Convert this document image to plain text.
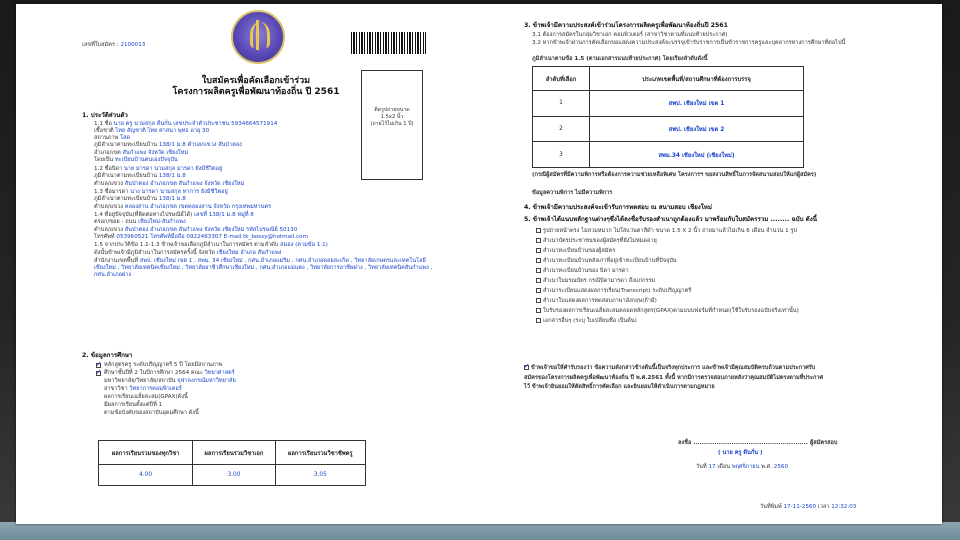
เลขที่ใบสมัคร : 2100013
ใบสมัครเพื่อคัดเลือกเข้าร่วม
โครงการผลิตครูเพื่อพัฒนาท้องถิ่น ปี 2561
ติดรูปถ่ายขนาด
1.5x2 นิ้ว
(ถ่ายไว้ไม่เกิน 1 ปี)
1. ประวัติส่วนตัว
2. ข้อมูลการศึกษา
ผลการเรียนรวมของทุกวิชา	ผลการเรียนรวมวิชาเอก	ผลการเรียนรวมวิชาชีพครู
4.00	3.00	3.05
3. ข้าพเจ้ามีความประสงค์เข้าร่วมโครงการผลิตครูเพื่อพัฒนาท้องถิ่นปี 2561
3.1 ต้องการสมัครในกลุ่มวิชาเอก คอมพิวเตอร์ (สาขาวิชาตามที่แนบท้ายประกาศ)
3.2 หากข้าพเจ้าผ่านการคัดเลือกขอแสดงความประสงค์จะบรรจุเข้ารับราชการเป็นข้าราชการครูและบุคลากรทางการศึกษาที่ต่อไปนี้
ภูมิลำเนาตามข้อ 1.5 (ตามเอกสารแนบท้ายประกาศ) โดยเรียงลำดับดังนี้
ลำดับที่เลือก	ประเภทเขตพื้นที่/สถานศึกษาที่ต้องการบรรจุ
1	สพป. เชียงใหม่ เขต 1
2	สพป. เชียงใหม่ เขต 2
3	สพม.34 เชียงใหม่ (เชียงใหม่)
(กรณีผู้สมัครที่มีความพิการหรือต้องการความช่วยเหลือพิเศษ โครงการฯ ขอสงวนสิทธิ์ในการจัดสนามสอบให้แก่ผู้สมัคร)
ข้อมูลความพิการ ไม่มีความพิการ
4. ข้าพเจ้ามีความประสงค์จะเข้ารับการทดสอบ ณ สนามสอบ เชียงใหม่
5. ข้าพเจ้าได้แนบหลักฐานต่างๆซึ่งได้ลงชื่อรับรองสำเนาถูกต้องแล้ว มาพร้อมกับใบสมัครรวม ........ ฉบับ ดังนี้
✓ข้าพเจ้าขอให้คำรับรองว่า ข้อความดังกล่าวข้างต้นนี้เป็นจริงทุกประการ และข้าพเจ้ามีคุณสมบัติครบถ้วนตามประกาศรับสมัครของโครงการผลิตครูเพื่อพัฒนาท้องถิ่น ปี พ.ศ.2561 ทั้งนี้ หากมีการตรวจสอบภายหลังว่าคุณสมบัติไม่ตรงตามที่ประกาศไว้ ข้าพเจ้ายินยอมให้ตัดสิทธิ์การคัดเลือก และยินยอมให้ดำเนินการตามกฎหมาย
ลงชื่อ ...................................................... ผู้สมัครสอบ
( นาย ครู ดีนกั่น )
วันที่ 17 เดือน พฤศจิกายน พ.ศ. 2560
วันที่พิมพ์ 17-11-2560 เวลา 12:32:03
1.1 ชื่อ นาย ครู นามสกุล ดีนกั่น เลขประจำตัวประชาชน 5934664571914
เชื้อชาติ ไทย สัญชาติ ไทย ศาสนา พุทธ อายุ 30
สถานภาพ โสด
ภูมิลำเนาตามทะเบียนบ้าน 138/1 ม.8 ตำบล/แขวง สันป่าตอง
อำเภอ/เขต สันกำแพง จังหวัด เชียงใหม่
โดยเป็น ทะเบียนบ้านตนเองปัจจุบัน
1.2 ชื่อบิดา นาย มารดา นามสกุล มารดา ยังมีชีวิตอยู่
ภูมิลำเนาตามทะเบียนบ้าน 138/1 ม.8
ตำบล/แขวง สันป่าตอง อำเภอ/เขต สันกำแพง จังหวัด เชียงใหม่
1.3 ชื่อมารดา นาง มารดา นามสกุล ทาการ ยังมีชีวิตอยู่
ภูมิลำเนาตามทะเบียนบ้าน 138/1 ม.8
ตำบล/แขวง คลองสาน อำเภอ/เขต เขตคลองสาน จังหวัด กรุงเทพมหานคร
1.4 ที่อยู่ปัจจุบัน(ที่ติดต่อทางไปรษณีย์ได้) เลขที่ 138/1 ม.8 หมู่ที่ 8
ตรอก/ซอย - ถนน เชียงใหม่-สันกำแพง
ตำบล/แขวง สันป่าตอง อำเภอ/เขต สันกำแพง จังหวัด เชียงใหม่ รหัสไปรษณีย์ 50130
โทรศัพท์ 053960521 โทรศัพท์มือถือ 0922463307 E-mail tk_bossy@hotmail.com
1.5 จากประวัติข้อ 1.1-1.3 ข้าพเจ้าขอเลือกภูมิลำเนาในการสมัคร ตามลำดับ สมอง (ตามข้อ 1.1)
ดังนั้นข้าพเจ้ามีภูมิลำเนาในการสมัครครั้งนี้ จังหวัด เชียงใหม่ อำเภอ สันกำแพง
สำนักงานเขตพื้นที่ สพป. เชียงใหม่ เขต 1 , สพม. 34 เชียงใหม่ , กศน.อำเภอแม่ริม , กศน.อำเภอดอยสะเก็ด , วิทยาลัยเกษตรและเทคโนโลยีเชียงใหม่ , วิทยาลัยเทคนิคเชียงใหม่ , วิทยาลัยอาชีวศึกษาเชียงใหม่ , กศน.อำเภอแม่แตง , วิทยาลัยการอาชีพฝาง , วิทยาลัยเทคนิคสันกำแพง , กศน.อำเภอฝาง
หลักสูตรครู ระดับปริญญาตรี 5 ปี โดยมีสถานภาพ
ศึกษาชั้นปีที่ 2 ในปีการศึกษา 2564 คณะ วิทยาศาสตร์
มหาวิทยาลัย/วิทยาลัย/สถาบัน จุฬาลงกรณ์มหาวิทยาลัย
สาขาวิชา วิทยาการคอมพิวเตอร์
ผลการเรียนเฉลี่ยสะสม(GPAX)ดังนี้
มีผลการเรียนตั้งแต่ปีที่ 1
ตามข้อบังคับของสถาบันอุดมศึกษา ดังนี้
✓
✓
รูปถ่ายหน้าตรง ไม่สวมหมวก ไม่ใส่แว่นตาสีดำ ขนาด 1.5 X 2 นิ้ว ถ่ายมาแล้วไม่เกิน 6 เดือน จำนวน 1 รูป
สำเนาบัตรประชาชนของผู้สมัครที่ยังไม่หมดอายุ
สำเนาทะเบียนบ้านของผู้สมัคร
สำเนาทะเบียนบ้านหลังเก่าที่อยู่เข้าทะเบียนบ้านที่ปัจจุบัน
สำเนาทะเบียนบ้านของ บิดา มารดา
สำเนาใบมรณบัตร กรณีบิดามารดา ถึงแก่กรรม
สำเนาระเบียนแสดงผลการเรียน(Transcript) ระดับปริญญาตรี
สำเนาใบแสดงผลการทดสอบภาษาอังกฤษ(ถ้ามี)
ใบรับรองผลการเรียนเฉลี่ยสะสมตลอดหลักสูตร(GPAX)ตามแบบฟอร์มที่กำหนด(ใช้ใบรับรองฉบับจริงเท่านั้น)
เอกสารอื่นๆ (ระบุ ใบเปลี่ยนชื่อ เป็นต้น)
